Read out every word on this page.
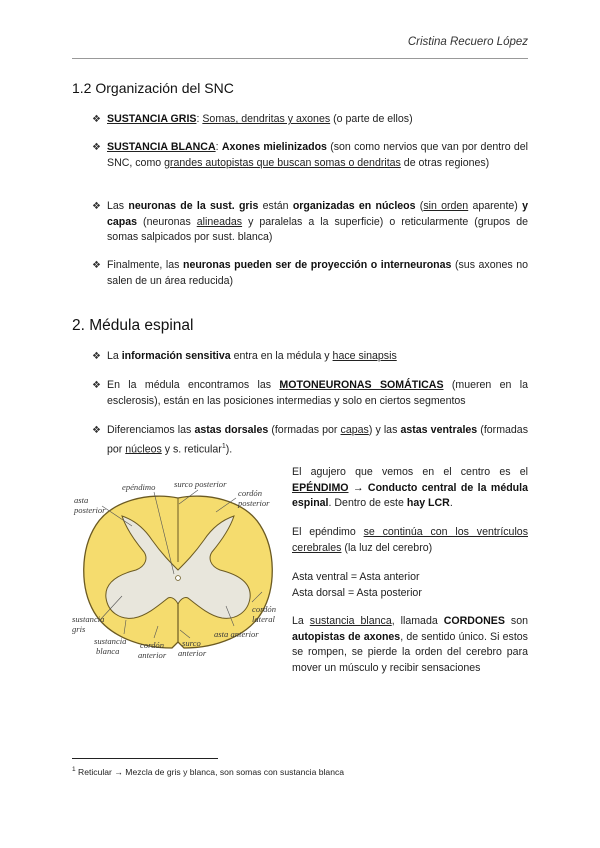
Cristina Recuero López
1.2 Organización del SNC
❖ SUSTANCIA GRIS: Somas, dendritas y axones (o parte de ellos)
❖ SUSTANCIA BLANCA: Axones mielinizados (son como nervios que van por dentro del SNC, como grandes autopistas que buscan somas o dendritas de otras regiones)
❖ Las neuronas de la sust. gris están organizadas en núcleos (sin orden aparente) y capas (neuronas alineadas y paralelas a la superficie) o reticularmente (grupos de somas salpicados por sust. blanca)
❖ Finalmente, las neuronas pueden ser de proyección o interneuronas (sus axones no salen de un área reducida)
2. Médula espinal
❖ La información sensitiva entra en la médula y hace sinapsis
❖ En la médula encontramos las MOTONEURONAS SOMÁTICAS (mueren en la esclerosis), están en las posiciones intermedias y solo en ciertos segmentos
❖ Diferenciamos las astas dorsales (formadas por capas) y las astas ventrales (formadas por núcleos y s. reticular$^1$).
epéndimo surco posterior
cordón
posterior
asta
posterior
cordón
lateral
asta anterior
sustancia
gris
sustancia
blanca
cordón
anterior
surco
anterior
El agujero que vemos en el centro es el EPÉNDIMO → Conducto central de la médula espinal. Dentro de este hay LCR.
El epéndimo se continúa con los ventrículos cerebrales (la luz del cerebro)
Asta ventral = Asta anterior
Asta dorsal = Asta posterior
La sustancia blanca, llamada CORDONES son autopistas de axones, de sentido único. Si estos se rompen, se pierde la orden del cerebro para mover un músculo y recibir sensaciones
$^1$ Reticular → Mezcla de gris y blanca, son somas con sustancia blanca
